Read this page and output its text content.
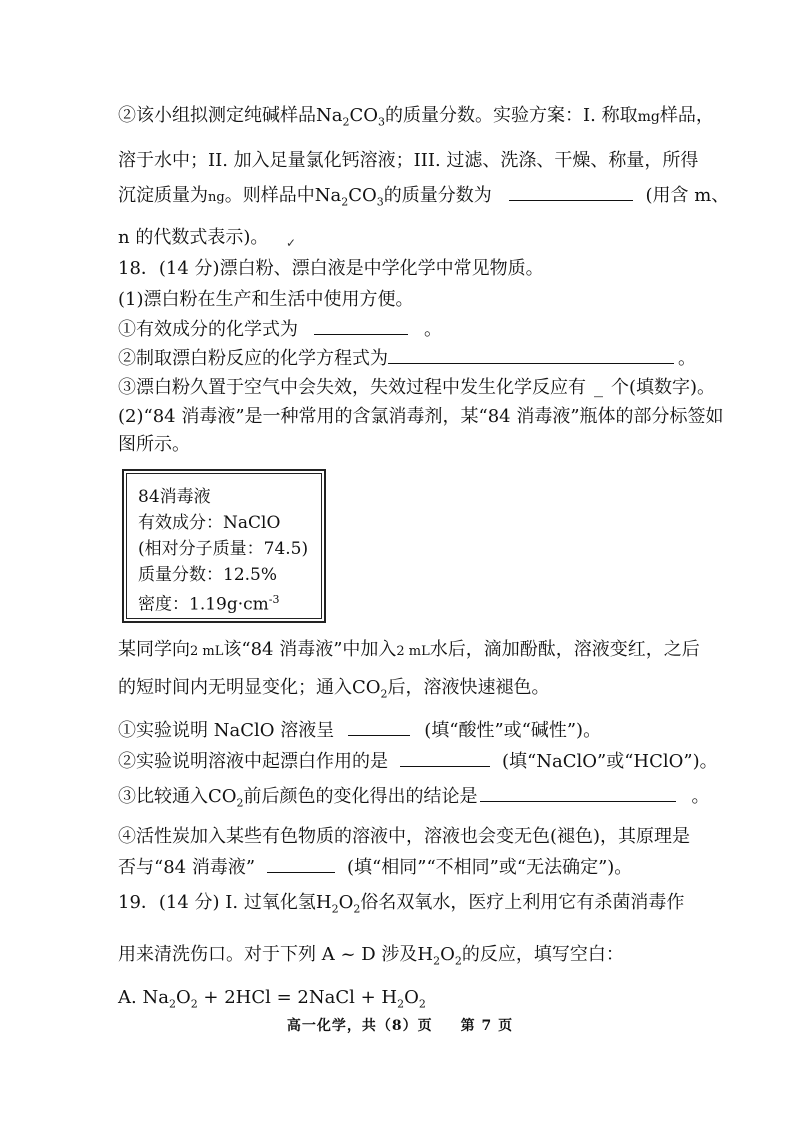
②该小组拟测定纯碱样品$Na_2CO_3$的质量分数。实验方案：I. 称取mg样品，
溶于水中；II. 加入足量氯化钙溶液；III. 过滤、洗涤、干燥、称量，所得
沉淀质量为ng。则样品中$Na_2CO_3$的质量分数为	(用含 m、
n 的代数式表示)。 ✓
18．(14 分)漂白粉、漂白液是中学化学中常见物质。
(1)漂白粉在生产和生活中使用方便。
①有效成分的化学式为	。
②制取漂白粉反应的化学方程式为	。
③漂白粉久置于空气中会失效，失效过程中发生化学反应有 _ 个(填数字)。
(2)“84 消毒液”是一种常用的含氯消毒剂，某“84 消毒液”瓶体的部分标签如
图所示。
84消毒液
有效成分：NaClO
(相对分子质量：74.5)
质量分数：12.5%
密度：$1.19g\cdot cm^{-3}$
某同学向2 mL该“84 消毒液”中加入2 mL水后，滴加酚酞，溶液变红，之后
的短时间内无明显变化；通入$CO_2$后，溶液快速褪色。
①实验说明 NaClO 溶液呈	(填“酸性”或“碱性”)。
②实验说明溶液中起漂白作用的是	(填“NaClO”或“HClO”)。
③比较通入$CO_2$前后颜色的变化得出的结论是	。
④活性炭加入某些有色物质的溶液中，溶液也会变无色(褪色)，其原理是
否与“84 消毒液”	(填“相同”“不相同”或“无法确定”)。
19．(14 分) I. 过氧化氢$H_2O_2$俗名双氧水，医疗上利用它有杀菌消毒作
用来清洗伤口。对于下列 A ~ D 涉及$H_2O_2$的反应，填写空白：
A. $Na_2O_2 + 2HCl$ = 2NaCl + $H_2O_2$
高一化学，共（8）页 第 7 页
